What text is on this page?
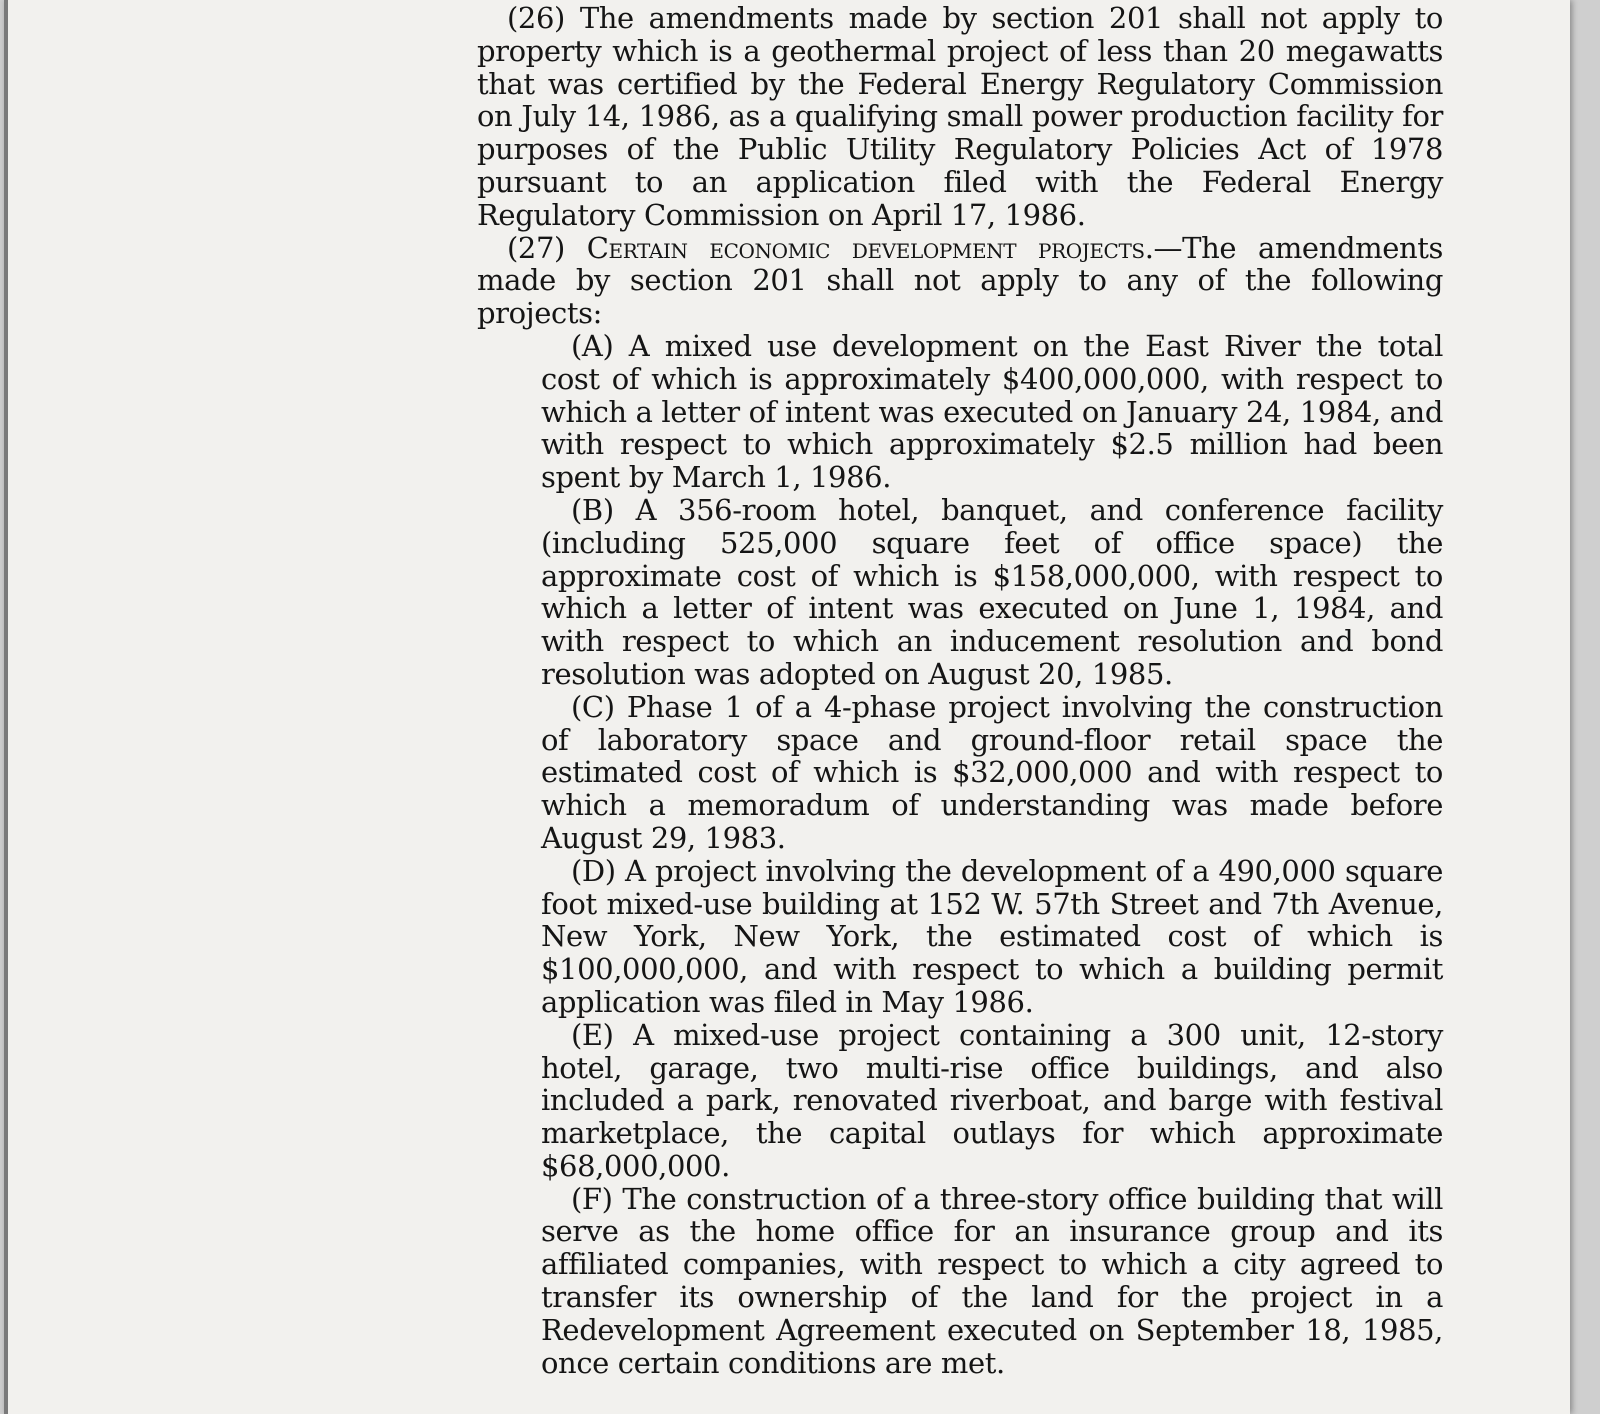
(26) The amendments made by section 201 shall not apply to property which is a geothermal project of less than 20 megawatts that was certified by the Federal Energy Regulatory Commission on July 14, 1986, as a qualifying small power production facility for purposes of the Public Utility Regulatory Policies Act of 1978 pursuant to an application filed with the Federal Energy Regulatory Commission on April 17, 1986.

(27) Certain economic development projects.—The amendments made by section 201 shall not apply to any of the following projects:

(A) A mixed use development on the East River the total cost of which is approximately $400,000,000, with respect to which a letter of intent was executed on January 24, 1984, and with respect to which approximately $2.5 million had been spent by March 1, 1986.

(B) A 356-room hotel, banquet, and conference facility (including 525,000 square feet of office space) the approximate cost of which is $158,000,000, with respect to which a letter of intent was executed on June 1, 1984, and with respect to which an inducement resolution and bond resolution was adopted on August 20, 1985.

(C) Phase 1 of a 4-phase project involving the construction of laboratory space and ground-floor retail space the estimated cost of which is $32,000,000 and with respect to which a memoradum of understanding was made before August 29, 1983.

(D) A project involving the development of a 490,000 square foot mixed-use building at 152 W. 57th Street and 7th Avenue, New York, New York, the estimated cost of which is $100,000,000, and with respect to which a building permit application was filed in May 1986.

(E) A mixed-use project containing a 300 unit, 12-story hotel, garage, two multi-rise office buildings, and also included a park, renovated riverboat, and barge with festival marketplace, the capital outlays for which approximate $68,000,000.

(F) The construction of a three-story office building that will serve as the home office for an insurance group and its affiliated companies, with respect to which a city agreed to transfer its ownership of the land for the project in a Redevelopment Agreement executed on September 18, 1985, once certain conditions are met.
